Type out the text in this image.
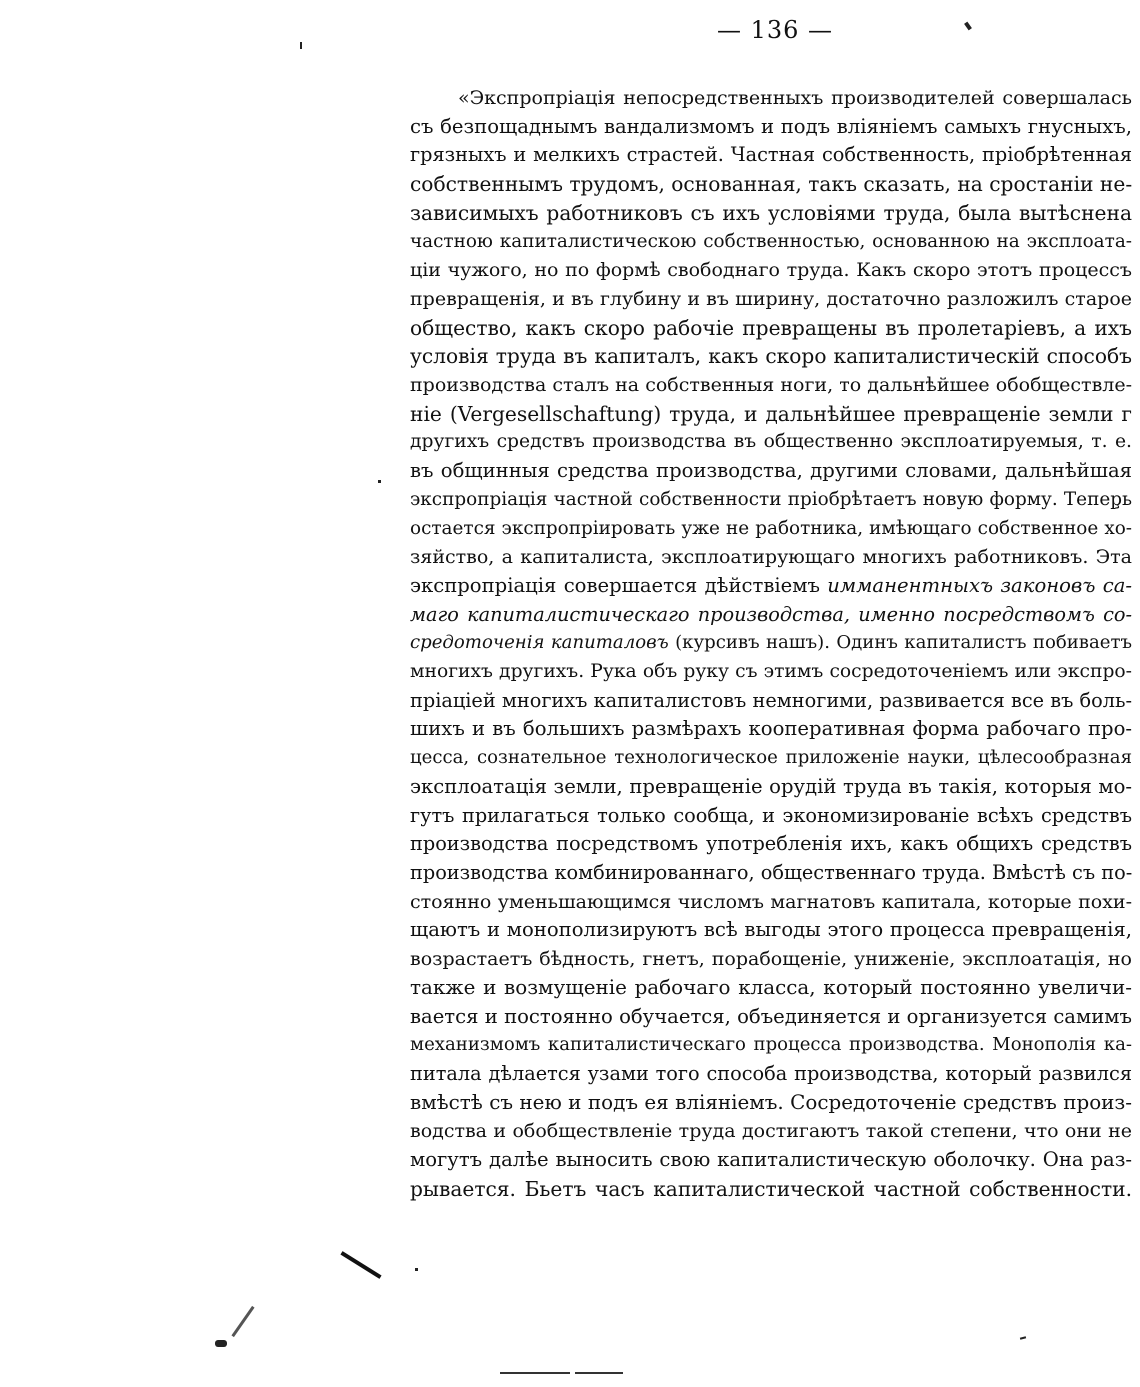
— 136 —
«Экспропріація непосредственныхъ производителей совершалась
съ безпощаднымъ вандализмомъ и подъ вліяніемъ самыхъ гнусныхъ,
грязныхъ и мелкихъ страстей. Частная собственность, пріобрѣтенная
собственнымъ трудомъ, основанная, такъ сказать, на сростаніи не-
зависимыхъ работниковъ съ ихъ условіями труда, была вытѣснена
частною капиталистическою собственностью, основанною на эксплоата-
ціи чужого, но по формѣ свободнаго труда. Какъ скоро этотъ процессъ
превращенія, и въ глубину и въ ширину, достаточно разложилъ старое
общество, какъ скоро рабочіе превращены въ пролетаріевъ, а ихъ
условія труда въ капиталъ, какъ скоро капиталистическій способъ
производства сталъ на собственныя ноги, то дальнѣйшее обобществле-
ніе (Vergesellschaftung) труда, и дальнѣйшее превращеніе земли г
другихъ средствъ производства въ общественно эксплоатируемыя, т. е.
въ общинныя средства производства, другими словами, дальнѣйшая
экспропріація частной собственности пріобрѣтаетъ новую форму. Тепер̧ь
остается экспропріировать уже не работника, имѣющаго собственное хо-
зяйство, а капиталиста, эксплоатирующаго многихъ работниковъ. Эта
экспропріація совершается дѣйствіемъ имманентныхъ законовъ са-
маго капиталистическаго производства, именно посредствомъ со-
средоточенія капиталовъ (курсивъ нашъ). Одинъ капиталистъ побиваетъ
многихъ другихъ. Рука объ руку съ этимъ сосредоточеніемъ или экспро-
пріаціей многихъ капиталистовъ немногими, развивается все въ боль-
шихъ и въ большихъ размѣрахъ кооперативная форма рабочаго про-
цесса, сознательное технологическое приложеніе науки, цѣлесообразная
эксплоатація земли, превращеніе орудій труда въ такія, которыя мо-
гутъ прилагаться только сообща, и экономизированіе всѣхъ средствъ
производства посредствомъ употребленія ихъ, какъ общихъ средствъ
производства комбинированнаго, общественнаго труда. Вмѣстѣ съ по-
стоянно уменьшающимся числомъ магнатовъ капитала, которые похи-
щаютъ и монополизируютъ всѣ выгоды этого процесса превращенія,
возрастаетъ бѣдность, гнетъ, порабощеніе, униженіе, эксплоатація, но
также и возмущеніе рабочаго класса, который постоянно увеличи-
вается и постоянно обучается, объединяется и организуется самимъ
механизмомъ капиталистическаго процесса производства. Монополія ка-
питала дѣлается узами того способа производства, который развился
вмѣстѣ съ нею и подъ ея вліяніемъ. Сосредоточеніе средствъ произ-
водства и обобществленіе труда достигаютъ такой степени, что они не
могутъ далѣе выносить свою капиталистическую оболочку. Она раз-
рывается. Бьетъ часъ капиталистической частной собственности.
